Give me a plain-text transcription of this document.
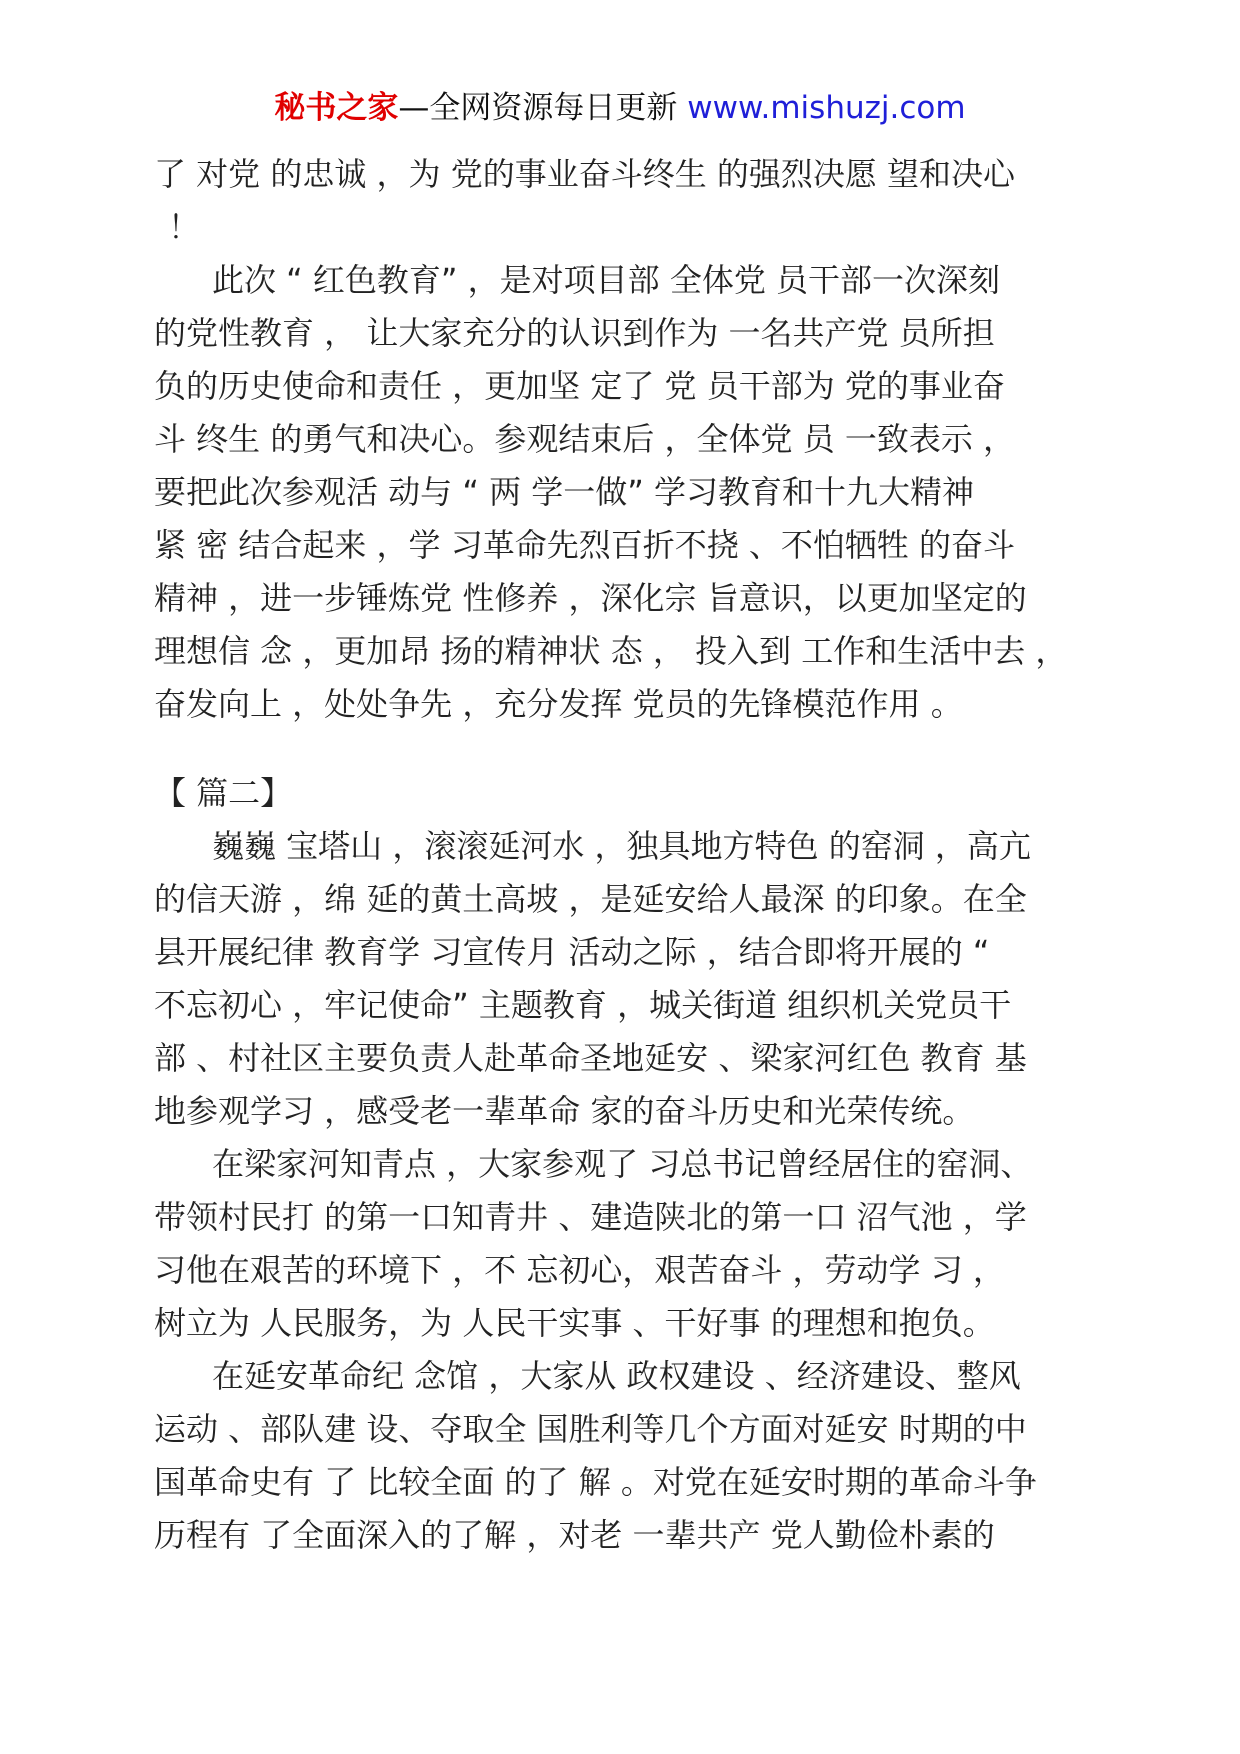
秘书之家—全网资源每日更新 www.mishuzj.com
了 对党 的忠诚 ，为 党的事业奋斗终生 的强烈决愿 望和决心
！
此次 “ 红色教育” ，是对项目部 全体党 员干部一次深刻
的党性教育 ， 让大家充分的认识到作为 一名共产党 员所担
负的历史使命和责任 ，更加坚 定了 党 员干部为 党的事业奋
斗 终生 的勇气和决心。参观结束后 ，全体党 员 一致表示 ，
要把此次参观活 动与 “ 两 学一做” 学习教育和十九大精神
紧 密 结合起来 ，学 习革命先烈百折不挠 、不怕牺牲 的奋斗
精神 ，进一步锤炼党 性修养 ，深化宗 旨意识，以更加坚定的
理想信 念 ，更加昂 扬的精神状 态 ， 投入到 工作和生活中去 ，
奋发向上 ，处处争先 ，充分发挥 党员的先锋模范作用 。
【 篇二】
巍巍 宝塔山 ，滚滚延河水 ，独具地方特色 的窑洞 ，高亢
的信天游 ，绵 延的黄土高坡 ，是延安给人最深 的印象。在全
县开展纪律 教育学 习宣传月 活动之际 ，结合即将开展的 “
不忘初心 ，牢记使命” 主题教育 ，城关街道 组织机关党员干
部 、村社区主要负责人赴革命圣地延安 、梁家河红色 教育 基
地参观学习 ，感受老一辈革命 家的奋斗历史和光荣传统。
在梁家河知青点 ，大家参观了 习总书记曾经居住的窑洞、
带领村民打 的第一口知青井 、建造陕北的第一口 沼气池 ，学
习他在艰苦的环境下 ，不 忘初心，艰苦奋斗 ，劳动学 习 ，
树立为 人民服务，为 人民干实事 、干好事 的理想和抱负。
在延安革命纪 念馆 ，大家从 政权建设 、经济建设、整风
运动 、部队建 设、夺取全 国胜利等几个方面对延安 时期的中
国革命史有 了 比较全面 的了 解 。对党在延安时期的革命斗争
历程有 了全面深入的了解 ，对老 一辈共产 党人勤俭朴素的
